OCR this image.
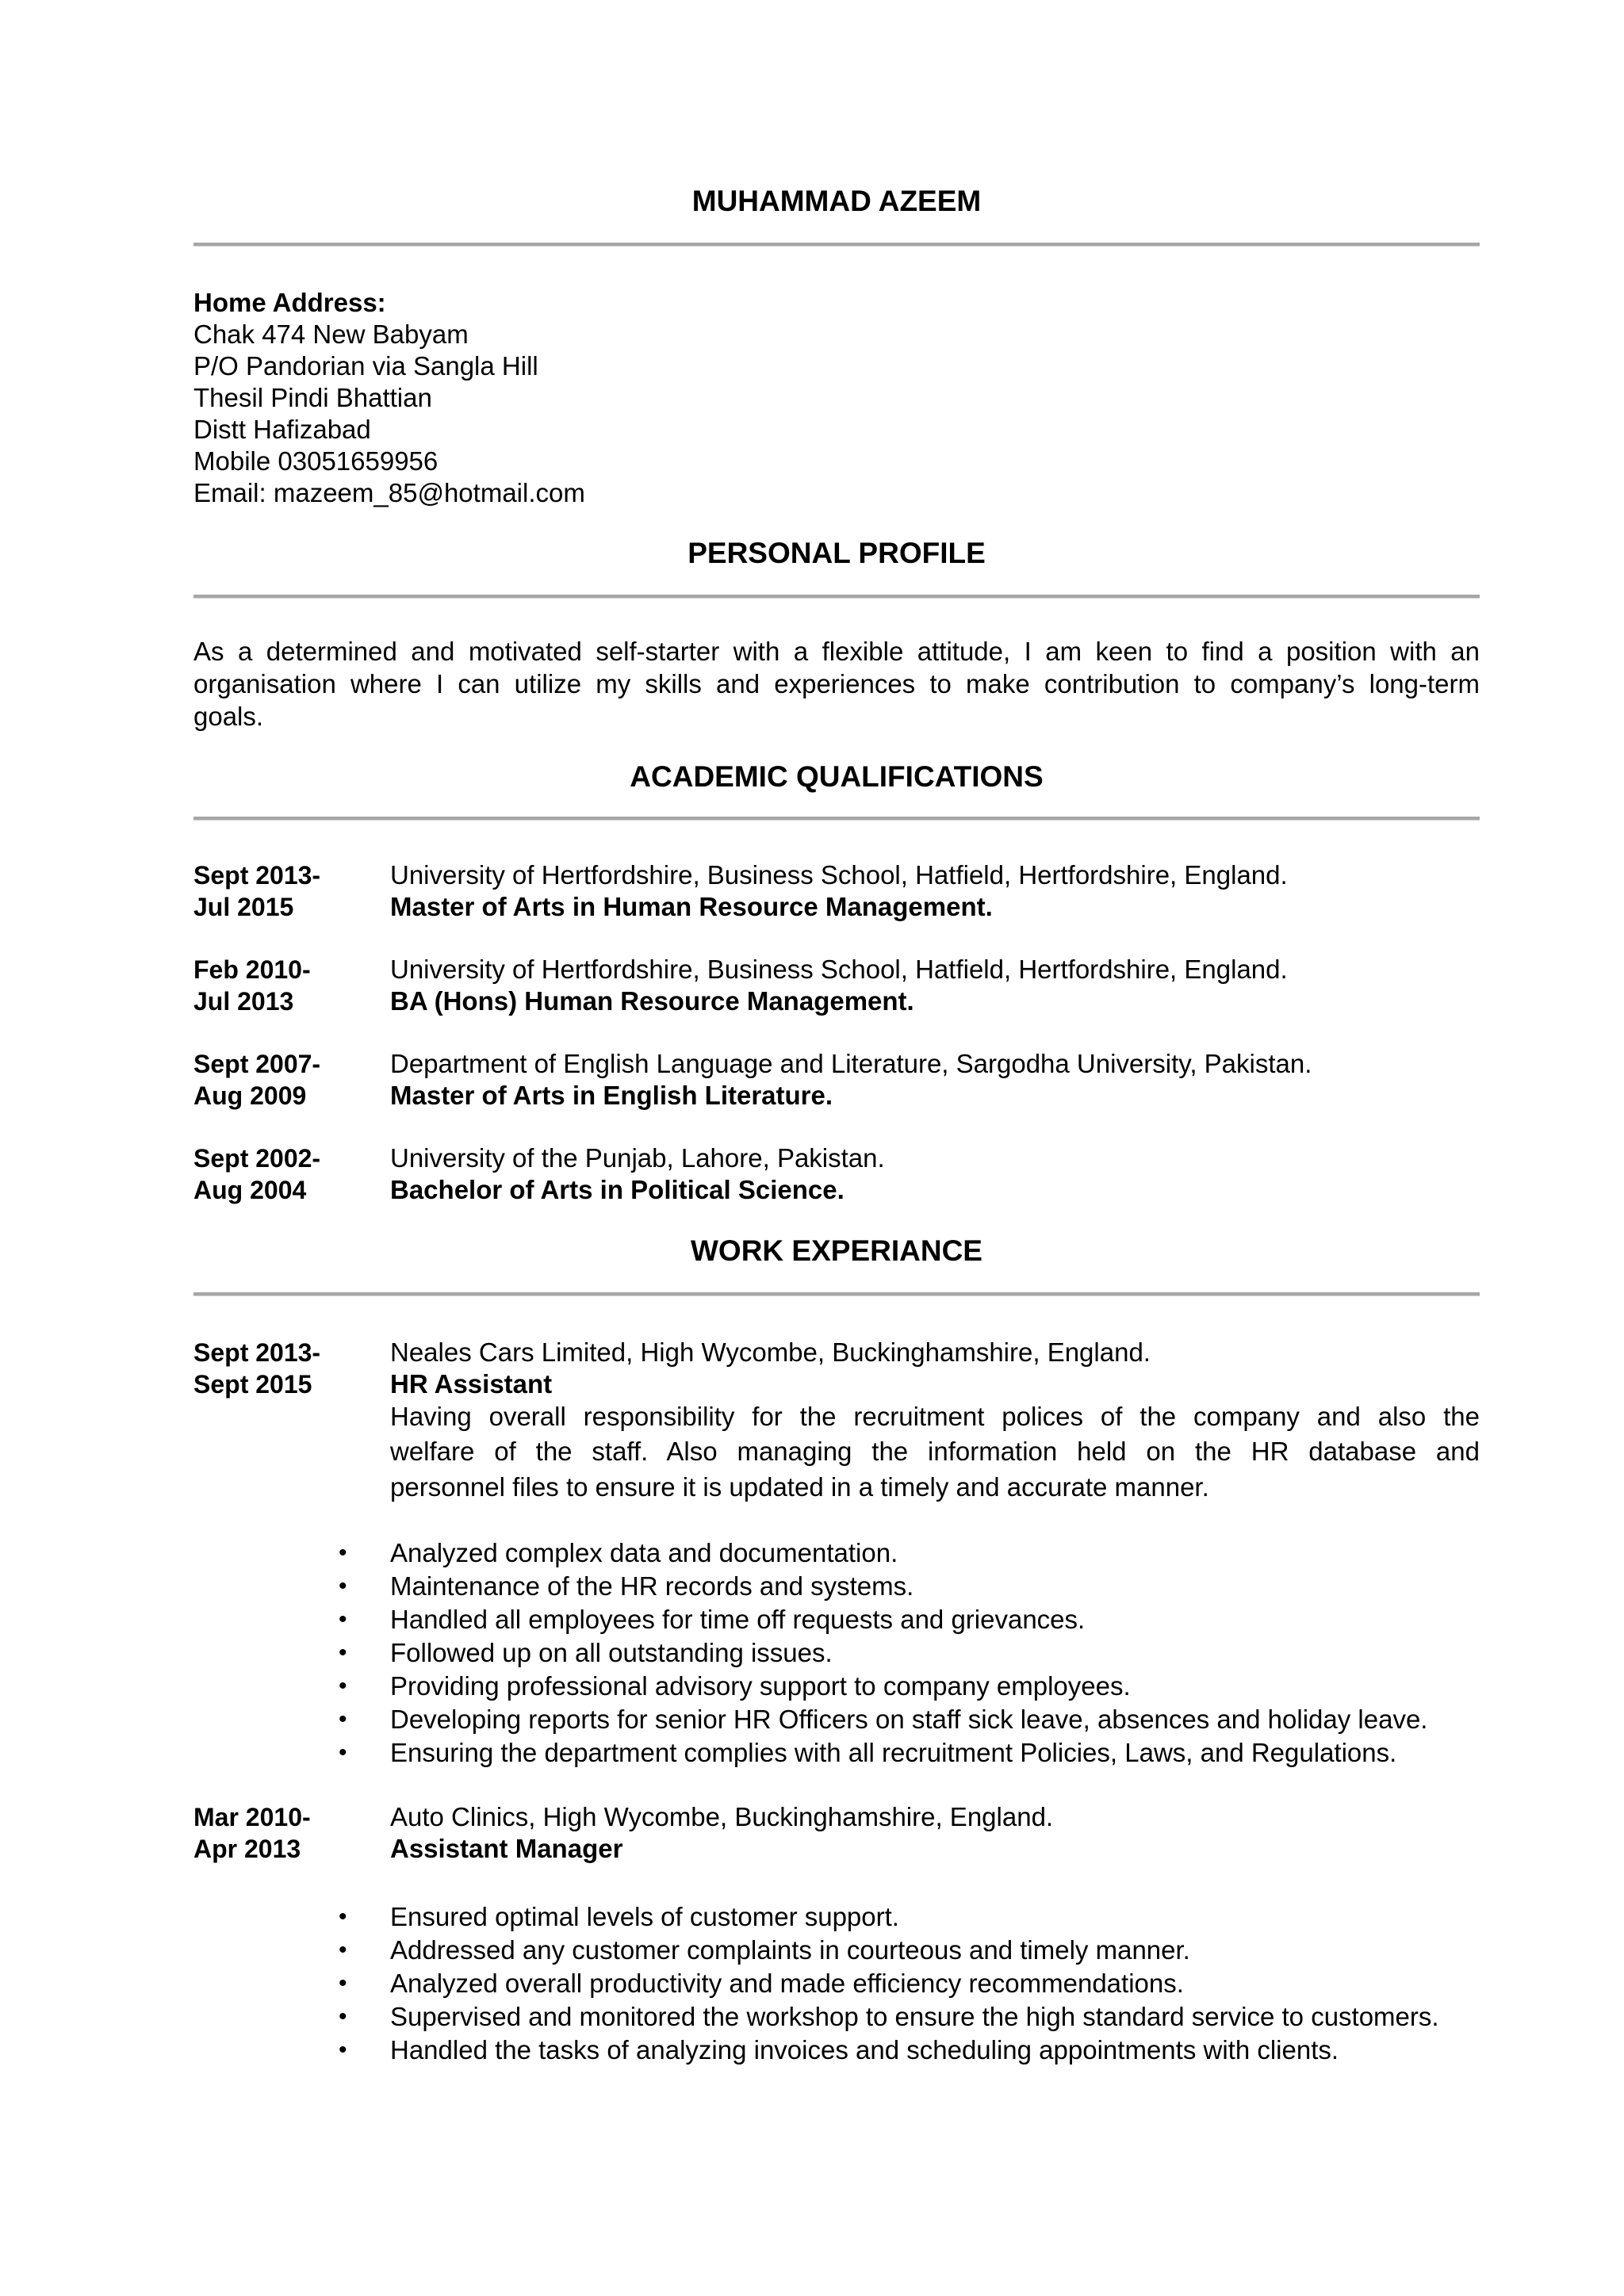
MUHAMMAD AZEEM
Home Address:
Chak 474 New Babyam
P/O Pandorian via Sangla Hill
Thesil Pindi Bhattian
Distt Hafizabad
Mobile 03051659956
Email: mazeem_85@hotmail.com
PERSONAL PROFILE
As a determined and motivated self-starter with a flexible attitude, I am keen to find a position with an
organisation where I can utilize my skills and experiences to make contribution to company’s long-term
goals.
ACADEMIC QUALIFICATIONS
Sept 2013-
Jul 2015
University of Hertfordshire, Business School, Hatfield, Hertfordshire, England.
Master of Arts in Human Resource Management.
Feb 2010-
Jul 2013
University of Hertfordshire, Business School, Hatfield, Hertfordshire, England.
BA (Hons) Human Resource Management.
Sept 2007-
Aug 2009
Department of English Language and Literature, Sargodha University, Pakistan.
Master of Arts in English Literature.
Sept 2002-
Aug 2004
University of the Punjab, Lahore, Pakistan.
Bachelor of Arts in Political Science.
WORK EXPERIANCE
Sept 2013-
Sept 2015
Neales Cars Limited, High Wycombe, Buckinghamshire, England.
HR Assistant
Having overall responsibility for the recruitment polices of the company and also the
welfare of the staff. Also managing the information held on the HR database and
personnel files to ensure it is updated in a timely and accurate manner.
• Analyzed complex data and documentation.
• Maintenance of the HR records and systems.
• Handled all employees for time off requests and grievances.
• Followed up on all outstanding issues.
• Providing professional advisory support to company employees.
• Developing reports for senior HR Officers on staff sick leave, absences and holiday leave.
• Ensuring the department complies with all recruitment Policies, Laws, and Regulations.
Mar 2010-
Apr 2013
Auto Clinics, High Wycombe, Buckinghamshire, England.
Assistant Manager
• Ensured optimal levels of customer support.
• Addressed any customer complaints in courteous and timely manner.
• Analyzed overall productivity and made efficiency recommendations.
• Supervised and monitored the workshop to ensure the high standard service to customers.
• Handled the tasks of analyzing invoices and scheduling appointments with clients.
